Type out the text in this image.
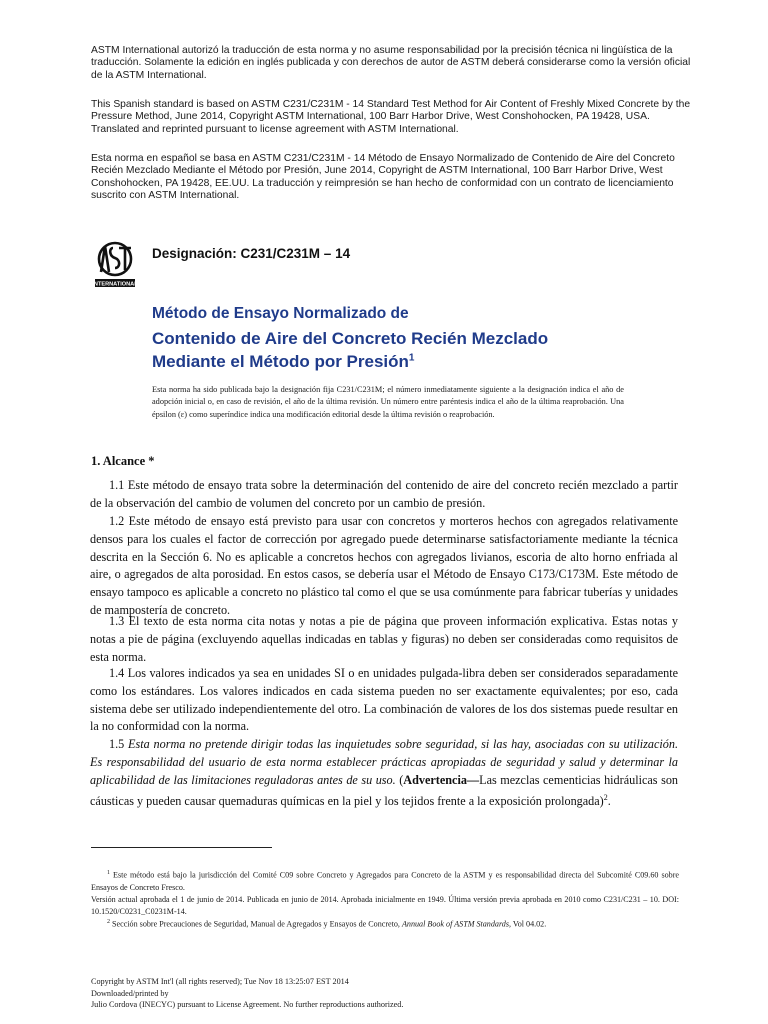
ASTM International autorizó la traducción de esta norma y no asume responsabilidad por la precisión técnica ni lingüística de la traducción. Solamente la edición en inglés publicada y con derechos de autor de ASTM deberá considerarse como la versión oficial de la ASTM International.

This Spanish standard is based on ASTM C231/C231M - 14 Standard Test Method for Air Content of Freshly Mixed Concrete by the Pressure Method, June 2014, Copyright ASTM International, 100 Barr Harbor Drive, West Conshohocken, PA 19428, USA. Translated and reprinted pursuant to license agreement with ASTM International.

Esta norma en español se basa en ASTM C231/C231M - 14 Método de Ensayo Normalizado de Contenido de Aire del Concreto Recién Mezclado Mediante el Método por Presión, June 2014, Copyright de ASTM International, 100 Barr Harbor Drive, West Conshohocken, PA 19428, EE.UU. La traducción y reimpresión se han hecho de conformidad con un contrato de licenciamiento suscrito con ASTM International.

INTERNATIONAL
Designación: C231/C231M – 14
Método de Ensayo Normalizado de
Contenido de Aire del Concreto Recién Mezclado
Mediante el Método por Presión$^1$
Esta norma ha sido publicada bajo la designación fija C231/C231M; el número inmediatamente siguiente a la designación indica el año de adopción inicial o, en caso de revisión, el año de la última revisión. Un número entre paréntesis indica el año de la última reaprobación. Una épsilon (ε) como superíndice indica una modificación editorial desde la última revisión o reaprobación.
1. Alcance *

1.1 Este método de ensayo trata sobre la determinación del contenido de aire del concreto recién mezclado a partir de la observación del cambio de volumen del concreto por un cambio de presión.

1.2 Este método de ensayo está previsto para usar con concretos y morteros hechos con agregados relativamente densos para los cuales el factor de corrección por agregado puede determinarse satisfactoriamente mediante la técnica descrita en la Sección 6. No es aplicable a concretos hechos con agregados livianos, escoria de alto horno enfriada al aire, o agregados de alta porosidad. En estos casos, se debería usar el Método de Ensayo C173/C173M. Este método de ensayo tampoco es aplicable a concreto no plástico tal como el que se usa comúnmente para fabricar tuberías y unidades de mampostería de concreto.

1.3 El texto de esta norma cita notas y notas a pie de página que proveen información explicativa. Estas notas y notas a pie de página (excluyendo aquellas indicadas en tablas y figuras) no deben ser consideradas como requisitos de esta norma.

1.4 Los valores indicados ya sea en unidades SI o en unidades pulgada-libra deben ser considerados separadamente como los estándares. Los valores indicados en cada sistema pueden no ser exactamente equivalentes; por eso, cada sistema debe ser utilizado independientemente del otro. La combinación de valores de los dos sistemas puede resultar en la no conformidad con la norma.

1.5 Esta norma no pretende dirigir todas las inquietudes sobre seguridad, si las hay, asociadas con su utilización. Es responsabilidad del usuario de esta norma establecer prácticas apropiadas de seguridad y salud y determinar la aplicabilidad de las limitaciones reguladoras antes de su uso. (Advertencia—Las mezclas cementicias hidráulicas son cáusticas y pueden causar quemaduras químicas en la piel y los tejidos frente a la exposición prolongada)$^2$.

$^1$ Este método está bajo la jurisdicción del Comité C09 sobre Concreto y Agregados para Concreto de la ASTM y es responsabilidad directa del Subcomité C09.60 sobre Ensayos de Concreto Fresco.

Versión actual aprobada el 1 de junio de 2014. Publicada en junio de 2014. Aprobada inicialmente en 1949. Última versión previa aprobada en 2010 como C231/C231 – 10. DOI: 10.1520/C0231_C0231M-14.

$^2$ Sección sobre Precauciones de Seguridad, Manual de Agregados y Ensayos de Concreto, Annual Book of ASTM Standards, Vol 04.02.

Copyright by ASTM Int'l (all rights reserved); Tue Nov 18 13:25:07 EST 2014

Downloaded/printed by

Julio Cordova (INECYC) pursuant to License Agreement. No further reproductions authorized.
